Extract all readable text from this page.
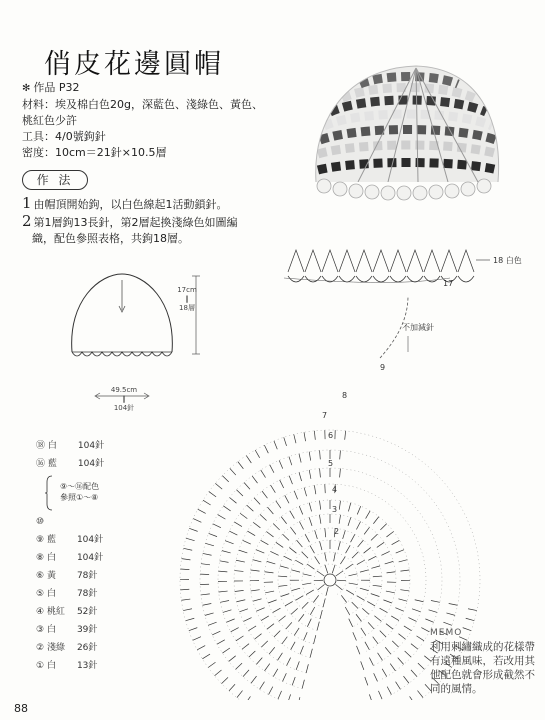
俏皮花邊圓帽
✻ 作品 P32
材料：埃及棉白色20g，深藍色、淺綠色、黃色、
桃紅色少許
工具：4/0號鉤針
密度：10cm＝21針×10.5層
作 法
1 由帽頂開始鉤，以白色線起1活動鎖針。
2 第1層鉤13長針，第2層起換淺綠色如圖編
織，配色參照表格，共鉤18層。
17cm
‖
18層
49.5cm
‖
104針
⑱ 白 104針
⑯ 藍 104針
⑨～⑯配色
參照①～⑧
⑩
⑨ 藍 104針
⑧ 白 104針
⑥ 黃 78針
⑤ 白 78針
④ 桃紅 52針
③ 白 39針
② 淺綠 26針
① 白 13針
不加減針
18 白色
17
9
8
7
6
5
4
3
2
MEMO
利用刺繡織成的花樣帶
有遠種風味，若改用其
他配色就會形成截然不
同的風情。
88
